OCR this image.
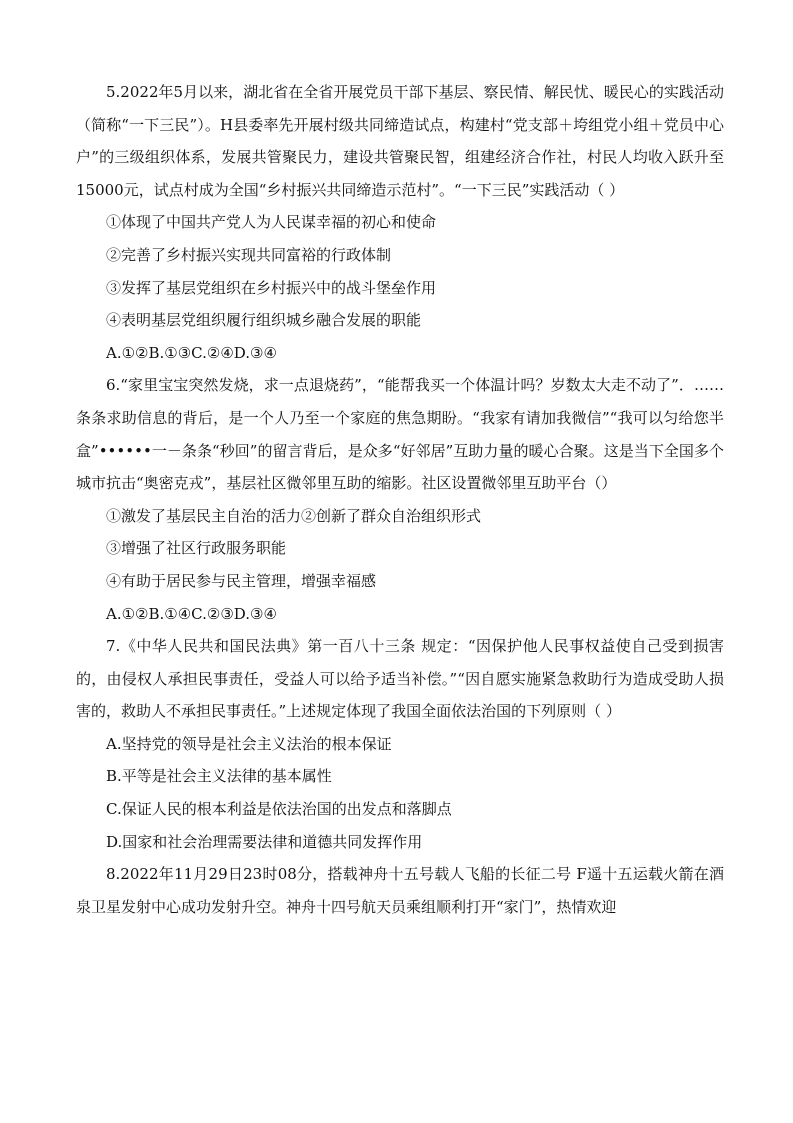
5.2022年5月以来，湖北省在全省开展党员干部下基层、察民情、解民忧、暖民心的实践活动（简称“一下三民”）。H县委率先开展村级共同缔造试点，构建村“党支部＋垮组党小组＋党员中心户”的三级组织体系，发展共管聚民力，建设共管聚民智，组建经济合作社，村民人均收入跃升至15000元，试点村成为全国“乡村振兴共同缔造示范村”。“一下三民”实践活动（ ）

①体现了中国共产党人为人民谋幸福的初心和使命

②完善了乡村振兴实现共同富裕的行政体制

③发挥了基层党组织在乡村振兴中的战斗堡垒作用

④表明基层党组织履行组织城乡融合发展的职能

A.①②B.①③C.②④D.③④

6.“家里宝宝突然发烧，求一点退烧药”，“能帮我买一个体温计吗？岁数太大走不动了”．……条条求助信息的背后，是一个人乃至一个家庭的焦急期盼。“我家有请加我微信”“我可以匀给您半盒”••••••一－条条“秒回”的留言背后，是众多“好邻居”互助力量的暖心合聚。这是当下全国多个城市抗击“奥密克戎”，基层社区微邻里互助的缩影。社区设置微邻里互助平台（）

①激发了基层民主自治的活力②创新了群众自治组织形式

③增强了社区行政服务职能

④有助于居民参与民主管理，增强幸福感

A.①②B.①④C.②③D.③④

7.《中华人民共和国民法典》第一百八十三条 规定：“因保护他人民事权益使自己受到损害的，由侵权人承担民事责任，受益人可以给予适当补偿。”“因自愿实施紧急救助行为造成受助人损害的，救助人不承担民事责任。”上述规定体现了我国全面依法治国的下列原则（ ）

A.坚持党的领导是社会主义法治的根本保证

B.平等是社会主义法律的基本属性

C.保证人民的根本利益是依法治国的出发点和落脚点

D.国家和社会治理需要法律和道德共同发挥作用

8.2022年11月29日23时08分，搭载神舟十五号载人飞船的长征二号 F遥十五运载火箭在酒泉卫星发射中心成功发射升空。神舟十四号航天员乘组顺利打开“家门”，热情欢迎
